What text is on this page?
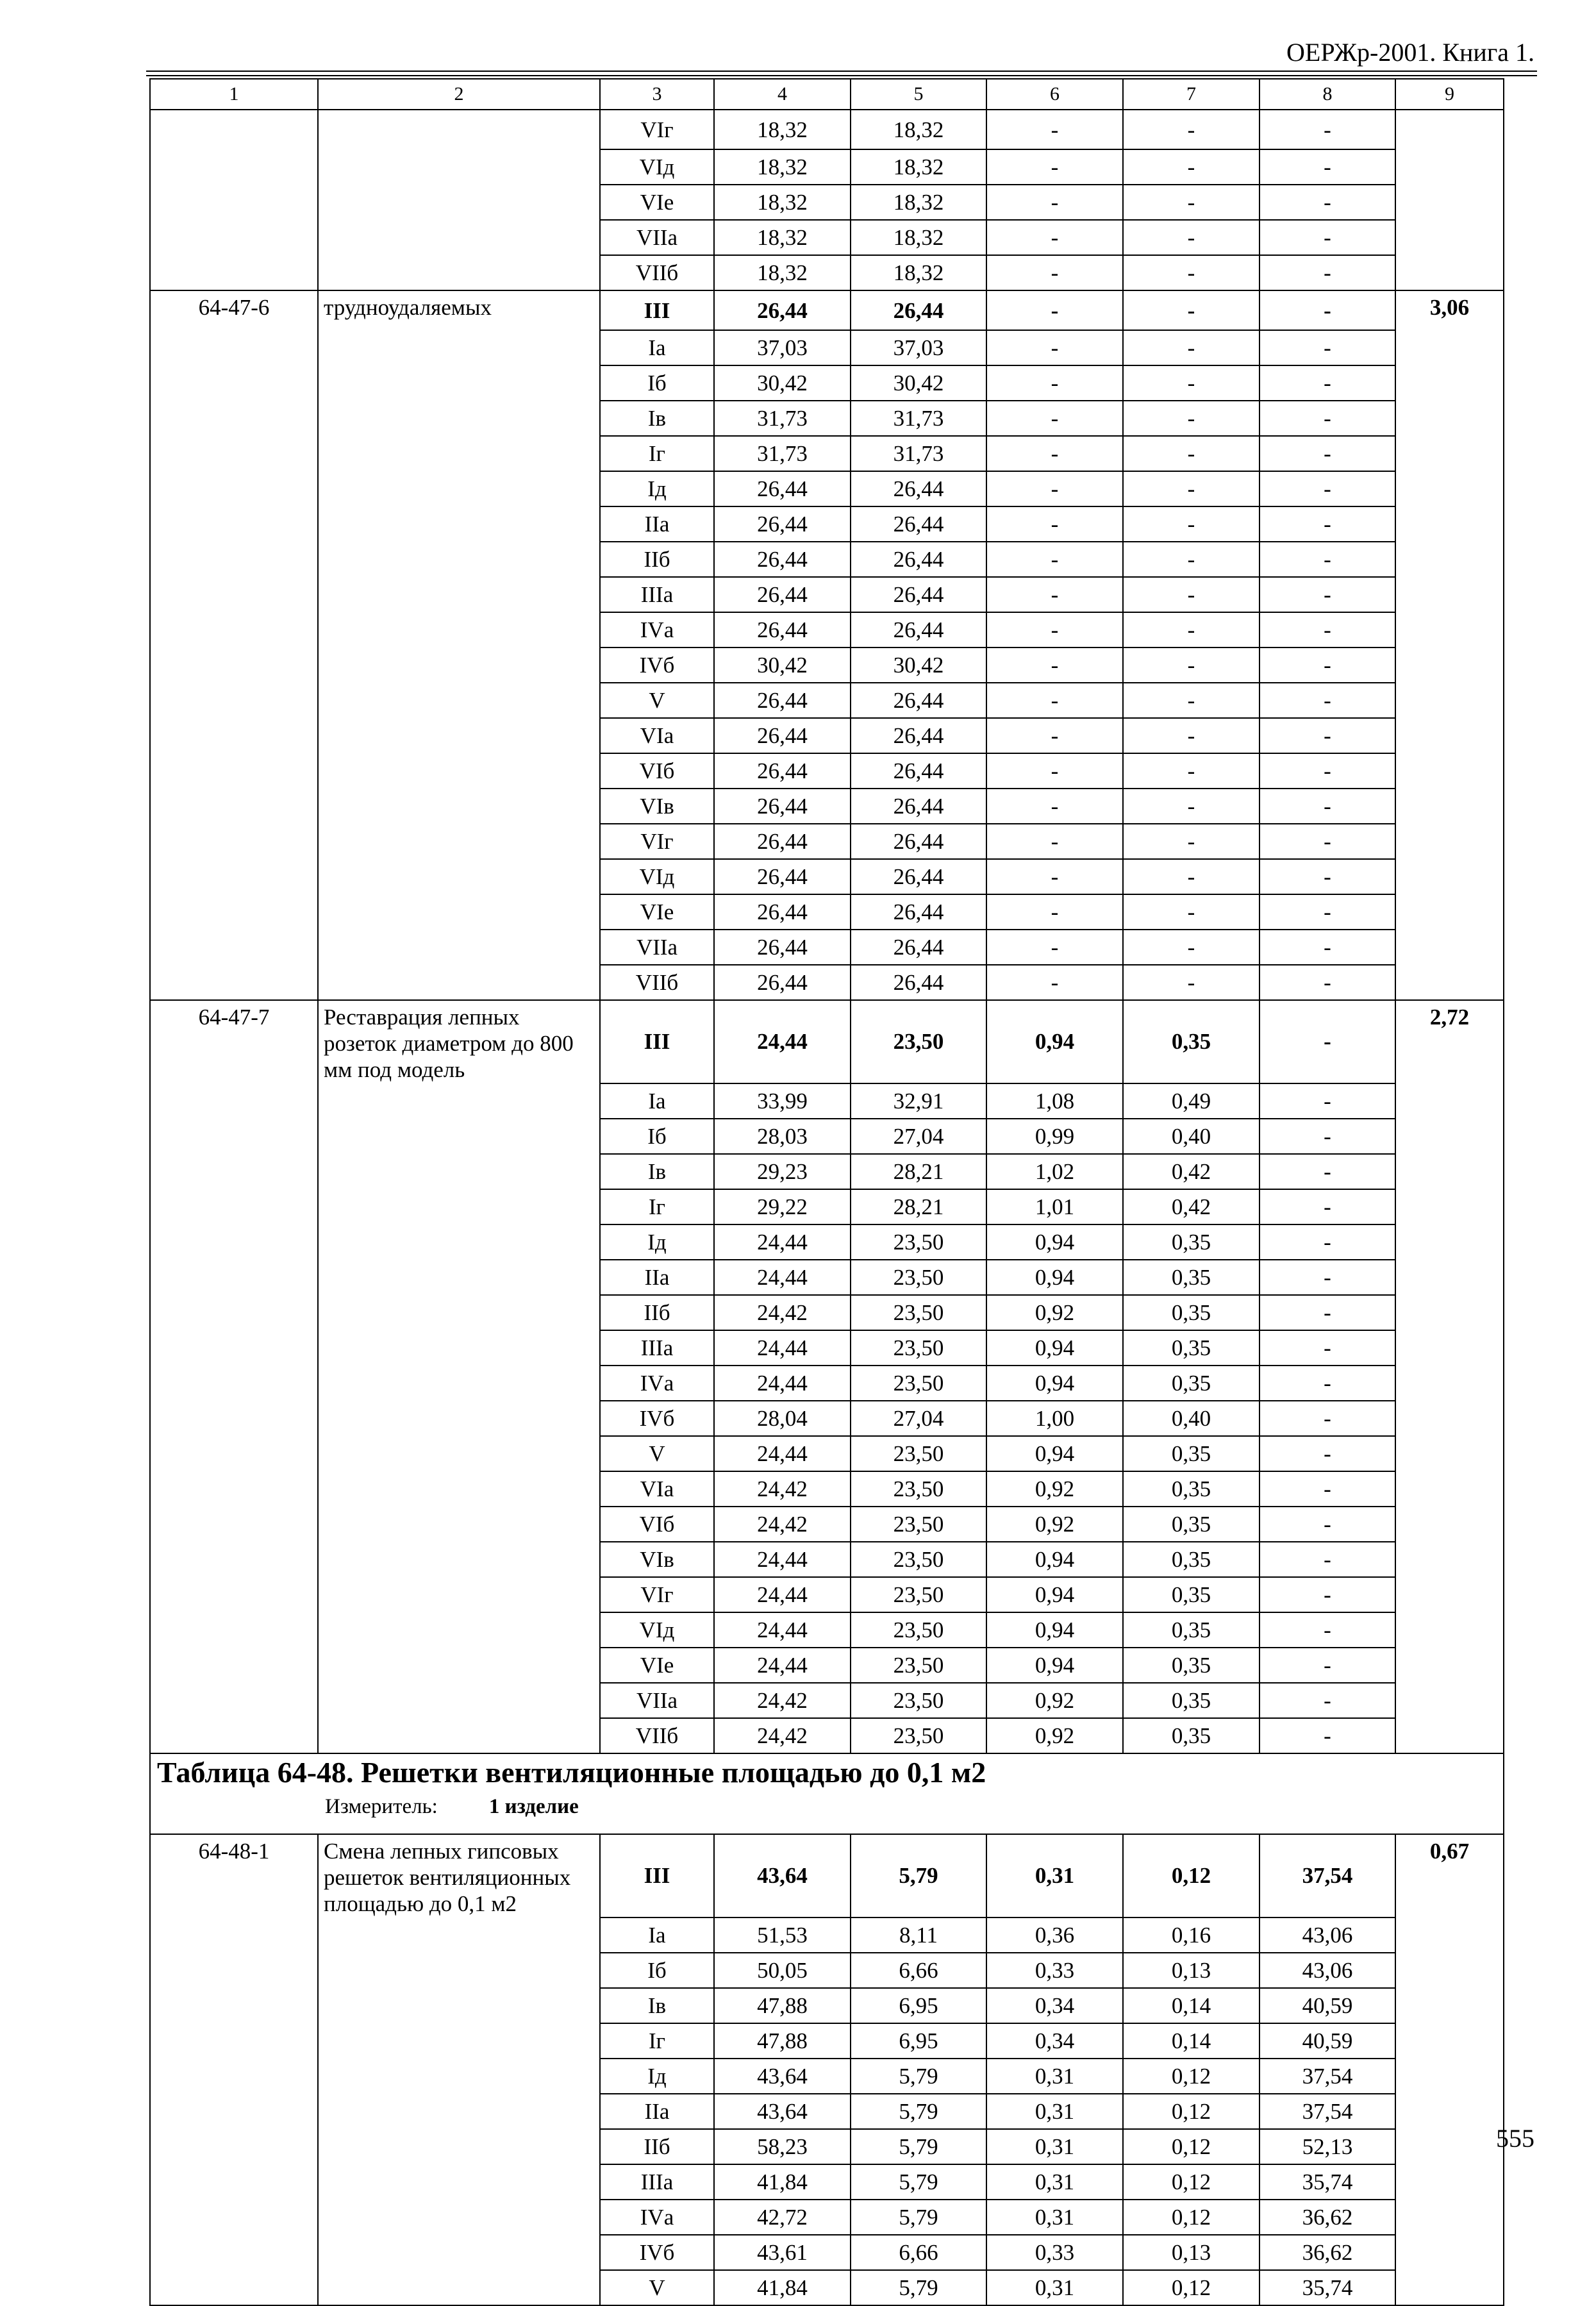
ОЕРЖр-2001. Книга 1.
1	2	3	4	5	6	7	8	9
		VIг	18,32	18,32	-	-	-	
		VIд	18,32	18,32	-	-	-	
		VIе	18,32	18,32	-	-	-	
		VIIа	18,32	18,32	-	-	-	
		VIIб	18,32	18,32	-	-	-	
64-47-6	трудноудаляемых	III	26,44	26,44	-	-	-	3,06
		Iа	37,03	37,03	-	-	-	
		Iб	30,42	30,42	-	-	-	
		Iв	31,73	31,73	-	-	-	
		Iг	31,73	31,73	-	-	-	
		Iд	26,44	26,44	-	-	-	
		IIа	26,44	26,44	-	-	-	
		IIб	26,44	26,44	-	-	-	
		IIIа	26,44	26,44	-	-	-	
		IVа	26,44	26,44	-	-	-	
		IVб	30,42	30,42	-	-	-	
		V	26,44	26,44	-	-	-	
		VIа	26,44	26,44	-	-	-	
		VIб	26,44	26,44	-	-	-	
		VIв	26,44	26,44	-	-	-	
		VIг	26,44	26,44	-	-	-	
		VIд	26,44	26,44	-	-	-	
		VIе	26,44	26,44	-	-	-	
		VIIа	26,44	26,44	-	-	-	
		VIIб	26,44	26,44	-	-	-	
64-47-7	Реставрация лепных розеток диаметром до 800 мм под модель	III	24,44	23,50	0,94	0,35	-	2,72
		Iа	33,99	32,91	1,08	0,49	-	
		Iб	28,03	27,04	0,99	0,40	-	
		Iв	29,23	28,21	1,02	0,42	-	
		Iг	29,22	28,21	1,01	0,42	-	
		Iд	24,44	23,50	0,94	0,35	-	
		IIа	24,44	23,50	0,94	0,35	-	
		IIб	24,42	23,50	0,92	0,35	-	
		IIIа	24,44	23,50	0,94	0,35	-	
		IVа	24,44	23,50	0,94	0,35	-	
		IVб	28,04	27,04	1,00	0,40	-	
		V	24,44	23,50	0,94	0,35	-	
		VIа	24,42	23,50	0,92	0,35	-	
		VIб	24,42	23,50	0,92	0,35	-	
		VIв	24,44	23,50	0,94	0,35	-	
		VIг	24,44	23,50	0,94	0,35	-	
		VIд	24,44	23,50	0,94	0,35	-	
		VIе	24,44	23,50	0,94	0,35	-	
		VIIа	24,42	23,50	0,92	0,35	-	
		VIIб	24,42	23,50	0,92	0,35	-	

Таблица 64-48. Решетки вентиляционные площадью до 0,1 м2
Измеритель: 1 изделие								

64-48-1	Смена лепных гипсовых решеток вентиляционных площадью до 0,1 м2	III	43,64	5,79	0,31	0,12	37,54	0,67
		Iа	51,53	8,11	0,36	0,16	43,06	
		Iб	50,05	6,66	0,33	0,13	43,06	
		Iв	47,88	6,95	0,34	0,14	40,59	
		Iг	47,88	6,95	0,34	0,14	40,59	
		Iд	43,64	5,79	0,31	0,12	37,54	
		IIа	43,64	5,79	0,31	0,12	37,54	
		IIб	58,23	5,79	0,31	0,12	52,13	
		IIIа	41,84	5,79	0,31	0,12	35,74	
		IVа	42,72	5,79	0,31	0,12	36,62	
		IVб	43,61	6,66	0,33	0,13	36,62	
		V	41,84	5,79	0,31	0,12	35,74	
555
